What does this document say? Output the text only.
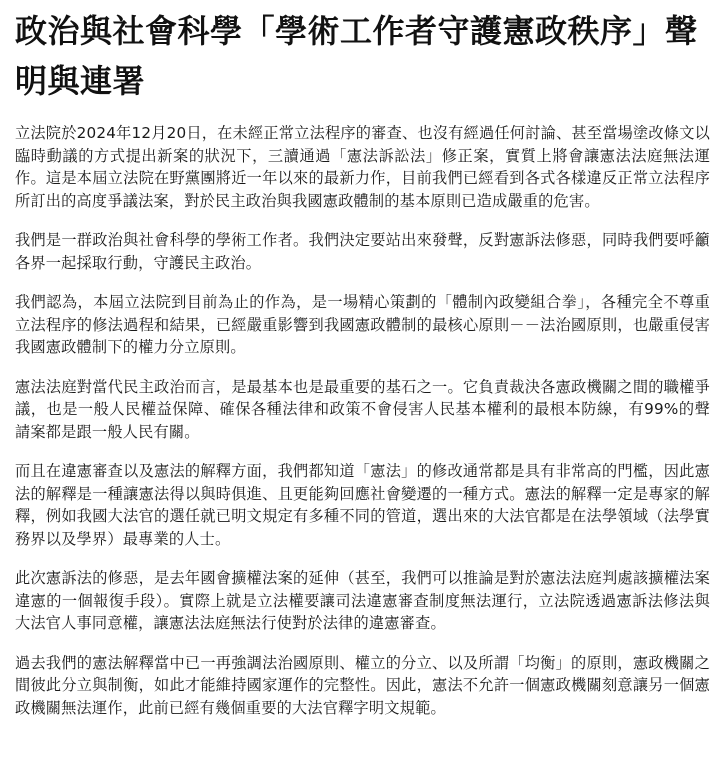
政治與社會科學「學術工作者守護憲政秩序」聲明與連署

立法院於2024年12月20日，在未經正常立法程序的審查、也沒有經過任何討論、甚至當場塗改條文以臨時動議的方式提出新案的狀況下，三讀通過「憲法訴訟法」修正案，實質上將會讓憲法法庭無法運作。這是本屆立法院在野黨團將近一年以來的最新力作，目前我們已經看到各式各樣違反正常立法程序所訂出的高度爭議法案，對於民主政治與我國憲政體制的基本原則已造成嚴重的危害。

我們是一群政治與社會科學的學術工作者。我們決定要站出來發聲，反對憲訴法修惡，同時我們要呼籲各界一起採取行動，守護民主政治。

我們認為，本屆立法院到目前為止的作為，是一場精心策劃的「體制內政變組合拳」，各種完全不尊重立法程序的修法過程和結果，已經嚴重影響到我國憲政體制的最核心原則－－法治國原則，也嚴重侵害我國憲政體制下的權力分立原則。

憲法法庭對當代民主政治而言，是最基本也是最重要的基石之一。它負責裁決各憲政機關之間的職權爭議，也是一般人民權益保障、確保各種法律和政策不會侵害人民基本權利的最根本防線，有99%的聲請案都是跟一般人民有關。

而且在違憲審查以及憲法的解釋方面，我們都知道「憲法」的修改通常都是具有非常高的門檻，因此憲法的解釋是一種讓憲法得以與時俱進、且更能夠回應社會變遷的一種方式。憲法的解釋一定是專家的解釋，例如我國大法官的選任就已明文規定有多種不同的管道，選出來的大法官都是在法學領域（法學實務界以及學界）最專業的人士。

此次憲訴法的修惡，是去年國會擴權法案的延伸（甚至，我們可以推論是對於憲法法庭判處該擴權法案違憲的一個報復手段）。實際上就是立法權要讓司法違憲審查制度無法運行，立法院透過憲訴法修法與大法官人事同意權，讓憲法法庭無法行使對於法律的違憲審查。

過去我們的憲法解釋當中已一再強調法治國原則、權立的分立、以及所謂「均衡」的原則，憲政機關之間彼此分立與制衡，如此才能維持國家運作的完整性。因此，憲法不允許一個憲政機關刻意讓另一個憲政機關無法運作，此前已經有幾個重要的大法官釋字明文規範。
